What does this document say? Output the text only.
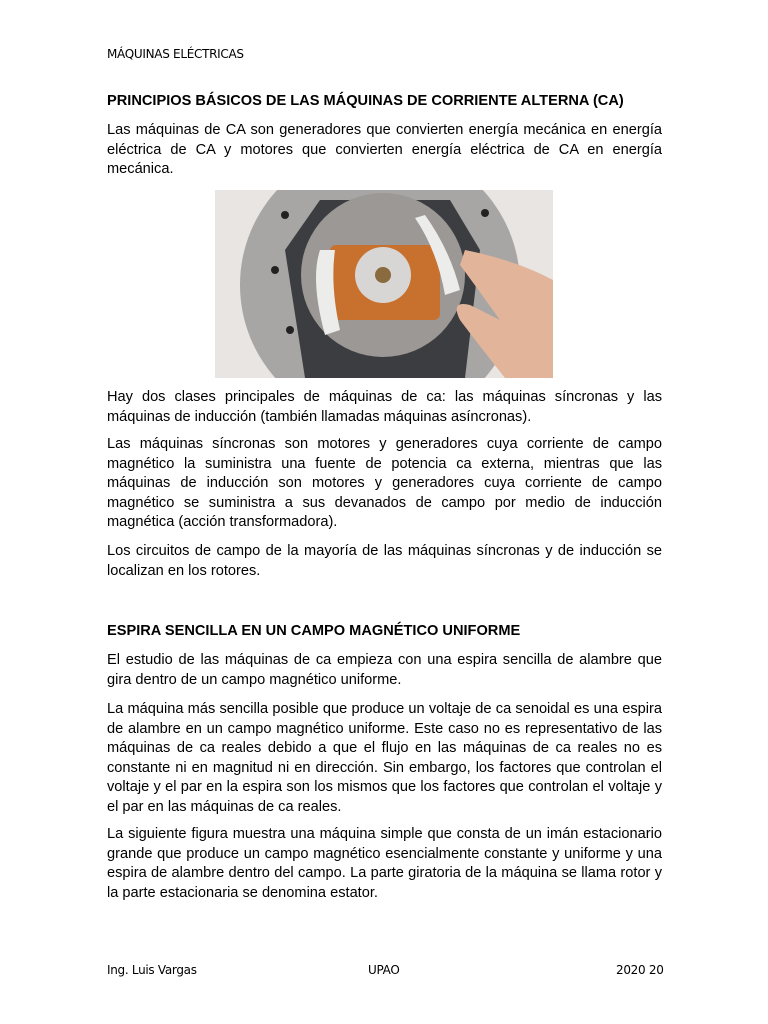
MÁQUINAS ELÉCTRICAS
PRINCIPIOS BÁSICOS DE LAS MÁQUINAS DE CORRIENTE ALTERNA (CA)

Las máquinas de CA son generadores que convierten energía mecánica en energía eléctrica de CA y motores que convierten energía eléctrica de CA en energía mecánica.

Hay dos clases principales de máquinas de ca: las máquinas síncronas y las máquinas de inducción (también llamadas máquinas asíncronas).

Las máquinas síncronas son motores y generadores cuya corriente de campo magnético la suministra una fuente de potencia ca externa, mientras que las máquinas de inducción son motores y generadores cuya corriente de campo magnético se suministra a sus devanados de campo por medio de inducción magnética (acción transformadora).

Los circuitos de campo de la mayoría de las máquinas síncronas y de inducción se localizan en los rotores.

ESPIRA SENCILLA EN UN CAMPO MAGNÉTICO UNIFORME

El estudio de las máquinas de ca empieza con una espira sencilla de alambre que gira dentro de un campo magnético uniforme.

La máquina más sencilla posible que produce un voltaje de ca senoidal es una espira de alambre en un campo magnético uniforme. Este caso no es representativo de las máquinas de ca reales debido a que el flujo en las máquinas de ca reales no es constante ni en magnitud ni en dirección. Sin embargo, los factores que controlan el voltaje y el par en la espira son los mismos que los factores que controlan el voltaje y el par en las máquinas de ca reales.

La siguiente figura muestra una máquina simple que consta de un imán estacionario grande que produce un campo magnético esencialmente constante y uniforme y una espira de alambre dentro del campo. La parte giratoria de la máquina se llama rotor y la parte estacionaria se denomina estator.

Ing. Luis Vargas	UPAO	2020 20
